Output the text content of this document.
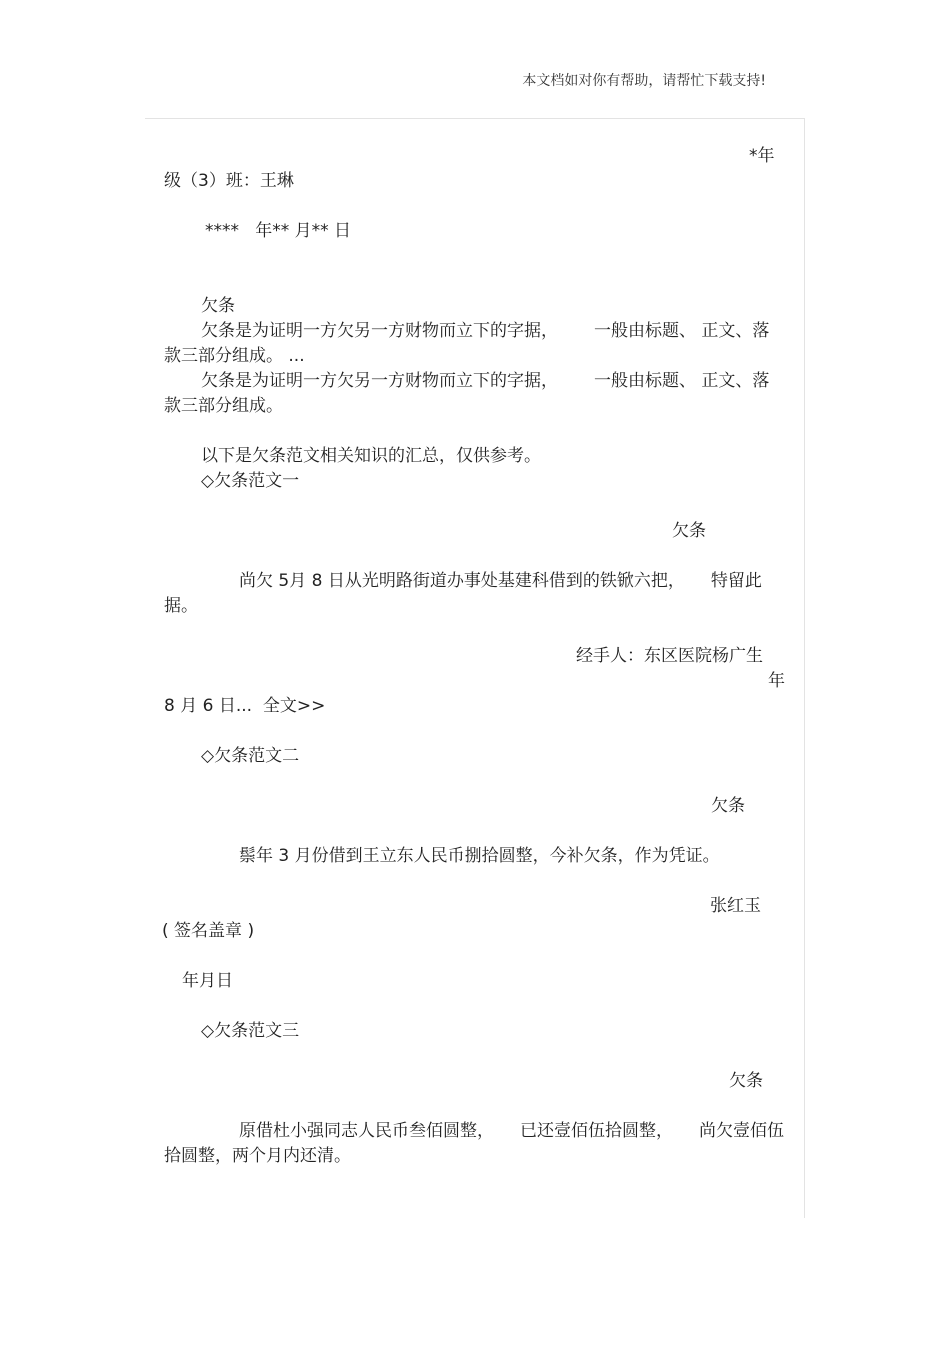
本文档如对你有帮助，请帮忙下载支持!
*年
级（3）班：王琳
****   年** 月** 日
欠条
欠条是为证明一方欠另一方财物而立下的字据， 一般由标题、 正文、落
款三部分组成。 ...
欠条是为证明一方欠另一方财物而立下的字据， 一般由标题、 正文、落
款三部分组成。
以下是欠条范文相关知识的汇总，仅供参考。
◇欠条范文一
欠条
尚欠 5月 8 日从光明路街道办事处基建科借到的铁锨六把， 特留此
据。
经手人：东区医院杨广生
年
8 月 6 日...  全文>>
◇欠条范文二
欠条
鬃年 3 月份借到王立东人民币捌拾圆整，今补欠条，作为凭证。
张红玉
( 签名盖章 )
年月日
◇欠条范文三
欠条
原借杜小强同志人民币叁佰圆整， 已还壹佰伍拾圆整， 尚欠壹佰伍
拾圆整，两个月内还清。
